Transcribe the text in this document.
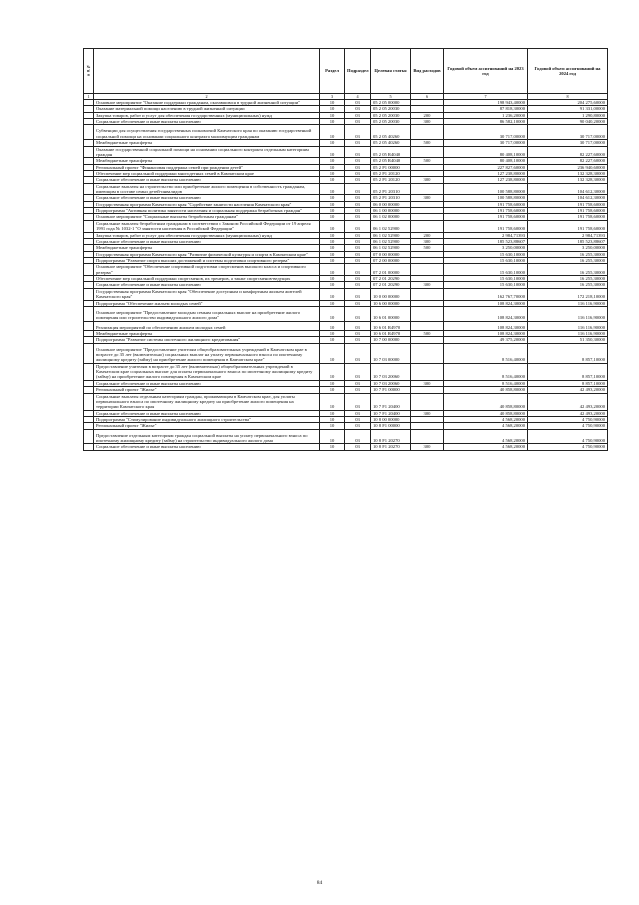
№ п/п		Раздел	Подраздел	Целевая статья	Вид расходов	Годовой объем ассигнований на 2023 год	Годовой объем ассигнований на 2024 год
1	2	3	4	5	6	7	8
	Основное мероприятие "Оказание поддержки гражданам, оказавшимся в трудной жизненной ситуации"	10	03	05 2 05 00000		198 943,40000	204 275,60000
	Оказание материальной помощи населению в трудной жизненной ситуации	10	03	05 2 05 20030		87 818,30000	91 331,00000
	Закупка товаров, работ и услуг для обеспечения государственных (муниципальных) нужд	10	03	05 2 05 20030	200	1 236,20000	1 290,80000
	Социальное обеспечение и иные выплаты населению	10	03	05 2 05 20030	300	86 582,10000	90 040,20000
	Субвенции для осуществления государственных полномочий Камчатского края по оказанию государственной социальной помощи на основании социального контракта малоимущим гражданам	10	03	05 2 05 40260		30 717,00000	30 717,00000
	Межбюджетные трансферты	10	03	05 2 05 40260	500	30 717,00000	30 717,00000
	Оказание государственной социальной помощи на основании социального контракта отдельным категориям граждан	10	03	05 2 05 R4040		80 408,10000	82 227,60000
	Межбюджетные трансферты	10	03	05 2 05 R4040	500	80 408,10000	82 227,60000
	Региональный проект "Финансовая поддержка семей при рождении детей"	10	03	05 2 P1 00000		227 827,60000	236 940,60000
	Обеспечение мер социальной поддержки многодетных семей в Камчатском крае	10	03	05 2 P1 20120		127 238,80000	132 328,30000
	Социальное обеспечение и иные выплаты населению	10	03	05 2 P1 20120	300	127 238,80000	132 328,30000
	Социальные выплаты на строительство или приобретение жилого помещения в собственность гражданам, имеющим в составе семьи детей-инвалидов	10	03	05 2 P1 20310		100 588,80000	104 612,30000
	Социальное обеспечение и иные выплаты населению	10	03	05 2 P1 20310	300	100 588,80000	104 612,30000
	Государственная программа Камчатского края "Содействие занятости населения Камчатского края"	10	03	06 0 00 00000		191 758,60000	191 758,60000
	Подпрограмма "Активная политика занятости населения и социальная поддержка безработных граждан"	10	03	06 1 00 00000		191 758,60000	191 758,60000
	Основное мероприятие "Социальные выплаты безработным гражданам"	10	03	06 1 02 00000		191 758,60000	191 758,60000
	Социальные выплаты безработным гражданам в соответствии с Законом Российской Федерации от 19 апреля 1991 года № 1032-1 "О занятости населения в Российской Федерации"	10	03	06 1 02 52900		191 758,60000	191 758,60000
	Закупка товаров, работ и услуг для обеспечения государственных (муниципальных) нужд	10	03	06 1 02 52900	200	2 984,71393	2 984,71393
	Социальное обеспечение и иные выплаты населению	10	03	06 1 02 52900	300	185 523,88607	185 523,88607
	Межбюджетные трансферты	10	03	06 1 02 52900	500	3 250,00000	3 250,00000
	Государственная программа Камчатского края "Развитие физической культуры и спорта в Камчатском крае"	10	03	07 0 00 00000		15 630,10000	16 255,30000
	Подпрограмма "Развитие спорта высших достижений и системы подготовки спортивного резерва"	10	03	07 2 00 00000		15 630,10000	16 255,30000
	Основное мероприятие "Обеспечение спортивной подготовки спортсменов высокого класса и спортивного резерва"	10	03	07 2 01 00000		15 630,10000	16 255,30000
	Обеспечение мер социальной поддержки спортсменов, их тренеров, а также спортсменов-ведущих	10	03	07 2 01 20290		15 630,10000	16 255,30000
	Социальное обеспечение и иные выплаты населению	10	03	07 2 01 20290	300	15 630,10000	16 255,30000
	Государственная программа Камчатского края "Обеспечение доступным и комфортным жильем жителей Камчатского края"	10	03	10 0 00 00000		162 767,70000	172 218,10000
	Подпрограмма "Обеспечение жильем молодых семей"	10	03	10 6 00 00000		108 824,30000	116 116,90000
	Основное мероприятие "Предоставление молодым семьям социальных выплат на приобретение жилого помещения или строительство индивидуального жилого дома"	10	03	10 6 01 00000		108 824,30000	116 116,90000
	Реализация мероприятий по обеспечению жильем молодых семей	10	03	10 6 01 R4970		108 824,30000	116 116,90000
	Межбюджетные трансферты	10	03	10 6 01 R4970	500	108 824,30000	116 116,90000
	Подпрограмма "Развитие системы ипотечного жилищного кредитования"	10	03	10 7 00 00000		49 375,20000	51 350,30000
	Основное мероприятие "Предоставление учителям общеобразовательных учреждений в Камчатском крае в возрасте до 35 лет (включительно) социальных выплат на уплату первоначального взноса по ипотечному жилищному кредиту (займу) на приобретение жилого помещения в Камчатском крае"	10	03	10 7 03 00000		8 516,40000	8 857,10000
	Предоставление учителям в возрасте до 35 лет (включительно) общеобразовательных учреждений в Камчатском крае социальных выплат для оплаты первоначального взноса по ипотечному жилищному кредиту (займу) на приобретение жилого помещения в Камчатском крае	10	03	10 7 03 20060		8 516,40000	8 857,10000
	Социальное обеспечение и иные выплаты населению	10	03	10 7 03 20060	300	8 516,40000	8 857,10000
	Региональный проект "Жилье"	10	03	10 7 F1 00000		40 858,80000	42 493,20000
	Социальные выплаты отдельным категориям граждан, проживающим в Камчатском крае, для уплаты первоначального взноса по ипотечному жилищному кредиту на приобретение жилого помещения на территории Камчатского края	10	03	10 7 F1 20400		40 858,80000	42 493,20000
	Социальное обеспечение и иные выплаты населению	10	03	10 7 F1 20400	300	40 858,80000	42 493,20000
	Подпрограмма "Стимулирование индивидуального жилищного строительства"	10	03	10 8 00 00000		4 568,20000	4 750,90000
	Региональный проект "Жилье"	10	03	10 8 F1 00000		4 568,20000	4 750,90000
	Предоставление отдельным категориям граждан социальной выплаты на уплату первоначального взноса по ипотечному жилищному кредиту (займу) на строительство индивидуального жилого дома	10	03	10 8 F1 20270		4 568,20000	4 750,90000
	Социальное обеспечение и иные выплаты населению	10	03	10 8 F1 20270	300	4 568,20000	4 750,90000
84
